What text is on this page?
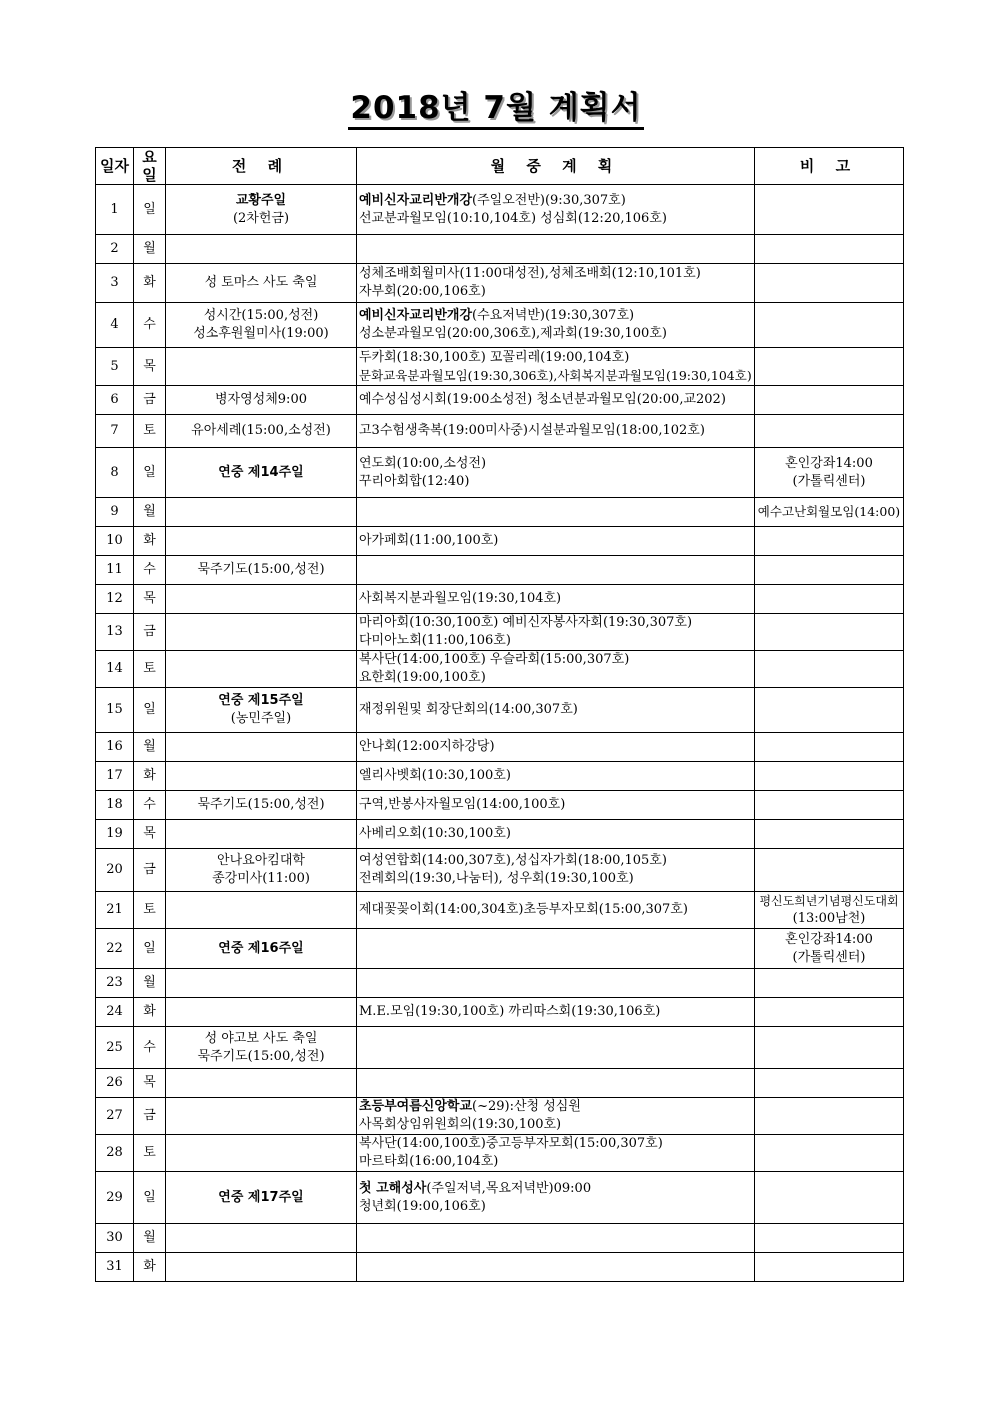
2018년 7월 계획서
일자	요일	전 례	월 중 계 획	비 고
1	일	교황주일
(2차헌금)	예비신자교리반개강(주일오전반)(9:30,307호)
선교분과월모임(10:10,104호) 성심회(12:20,106호)	

2	월			
3	화	성 토마스 사도 축일	성체조배회월미사(11:00대성전),성체조배회(12:10,101호)
자부회(20:00,106호)	

4	수	성시간(15:00,성전)
성소후원월미사(19:00)	예비신자교리반개강(수요저녁반)(19:30,307호)
성소분과월모임(20:00,306호),제과회(19:30,100호)	

5	목		두카회(18:30,100호) 꼬꼴리레(19:00,104호)
문화교육분과월모임(19:30,306호),사회복지분과월모임(19:30,104호)	

6	금	병자영성체9:00	예수성심성시회(19:00소성전) 청소년분과월모임(20:00,교202)	

7	토	유아세례(15:00,소성전)	고3수험생축복(19:00미사중)시설분과월모임(18:00,102호)	

8	일	연중 제14주일	연도회(10:00,소성전)
꾸리아회합(12:40)	혼인강좌14:00
(가톨릭센터)

9	월			예수고난회월모임(14:00)

10	화		아가페회(11:00,100호)	

11	수	묵주기도(15:00,성전)		

12	목		사회복지분과월모임(19:30,104호)	

13	금		마리아회(10:30,100호) 예비신자봉사자회(19:30,307호)
다미아노회(11:00,106호)	

14	토		복사단(14:00,100호) 우슬라회(15:00,307호)
요한회(19:00,100호)	

15	일	연중 제15주일
(농민주일)	재정위원및 회장단회의(14:00,307호)	

16	월		안나회(12:00지하강당)	

17	화		엘리사벳회(10:30,100호)	

18	수	묵주기도(15:00,성전)	구역,반봉사자월모임(14:00,100호)	

19	목		사베리오회(10:30,100호)	

20	금	안나요아킴대학
종강미사(11:00)	여성연합회(14:00,307호),성십자가회(18:00,105호)
전례회의(19:30,나눔터), 성우회(19:30,100호)	

21	토		제대꽃꽂이회(14:00,304호)초등부자모회(15:00,307호)	평신도희년기념평신도대회
(13:00남천)

22	일	연중 제16주일		혼인강좌14:00
(가톨릭센터)

23	월			
24	화		M.E.모임(19:30,100호) 까리따스회(19:30,106호)	

25	수	성 야고보 사도 축일
묵주기도(15:00,성전)		

26	목			
27	금		초등부여름신앙학교(~29):산청 성심원
사목회상임위원회의(19:30,100호)	

28	토		복사단(14:00,100호)중고등부자모회(15:00,307호)
마르타회(16:00,104호)	

29	일	연중 제17주일	첫 고해성사(주일저녁,목요저녁반)09:00
청년회(19:00,106호)	

30	월			
31	화			
